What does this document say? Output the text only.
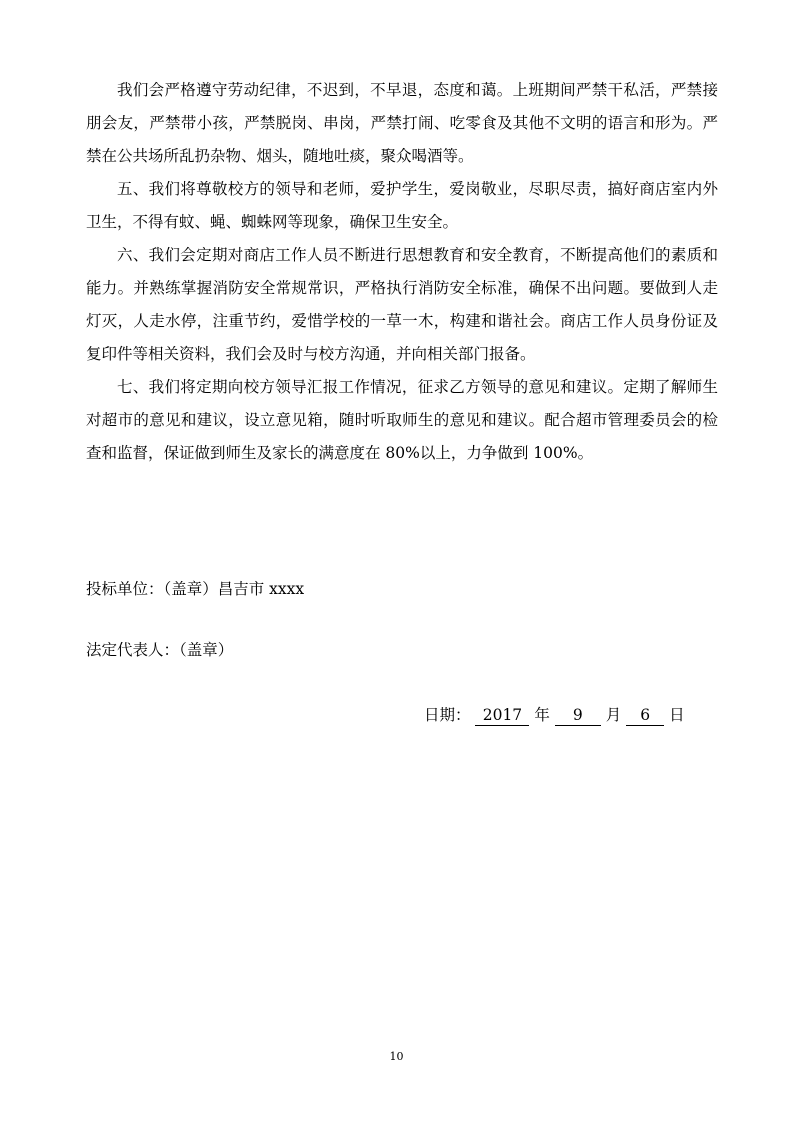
我们会严格遵守劳动纪律，不迟到，不早退，态度和蔼。上班期间严禁干私活，严禁接朋会友，严禁带小孩，严禁脱岗、串岗，严禁打闹、吃零食及其他不文明的语言和形为。严禁在公共场所乱扔杂物、烟头，随地吐痰，聚众喝酒等。

五、我们将尊敬校方的领导和老师，爱护学生，爱岗敬业，尽职尽责，搞好商店室内外卫生，不得有蚊、蝇、蜘蛛网等现象，确保卫生安全。

六、我们会定期对商店工作人员不断进行思想教育和安全教育，不断提高他们的素质和能力。并熟练掌握消防安全常规常识，严格执行消防安全标准，确保不出问题。要做到人走灯灭，人走水停，注重节约，爱惜学校的一草一木，构建和谐社会。商店工作人员身份证及复印件等相关资料，我们会及时与校方沟通，并向相关部门报备。

七、我们将定期向校方领导汇报工作情况，征求乙方领导的意见和建议。定期了解师生对超市的意见和建议，设立意见箱，随时听取师生的意见和建议。配合超市管理委员会的检查和监督，保证做到师生及家长的满意度在 80%以上，力争做到 100%。

投标单位：（盖章）昌吉市 xxxx
法定代表人：（盖章）
日期： 2017 年 9 月 6 日
10
